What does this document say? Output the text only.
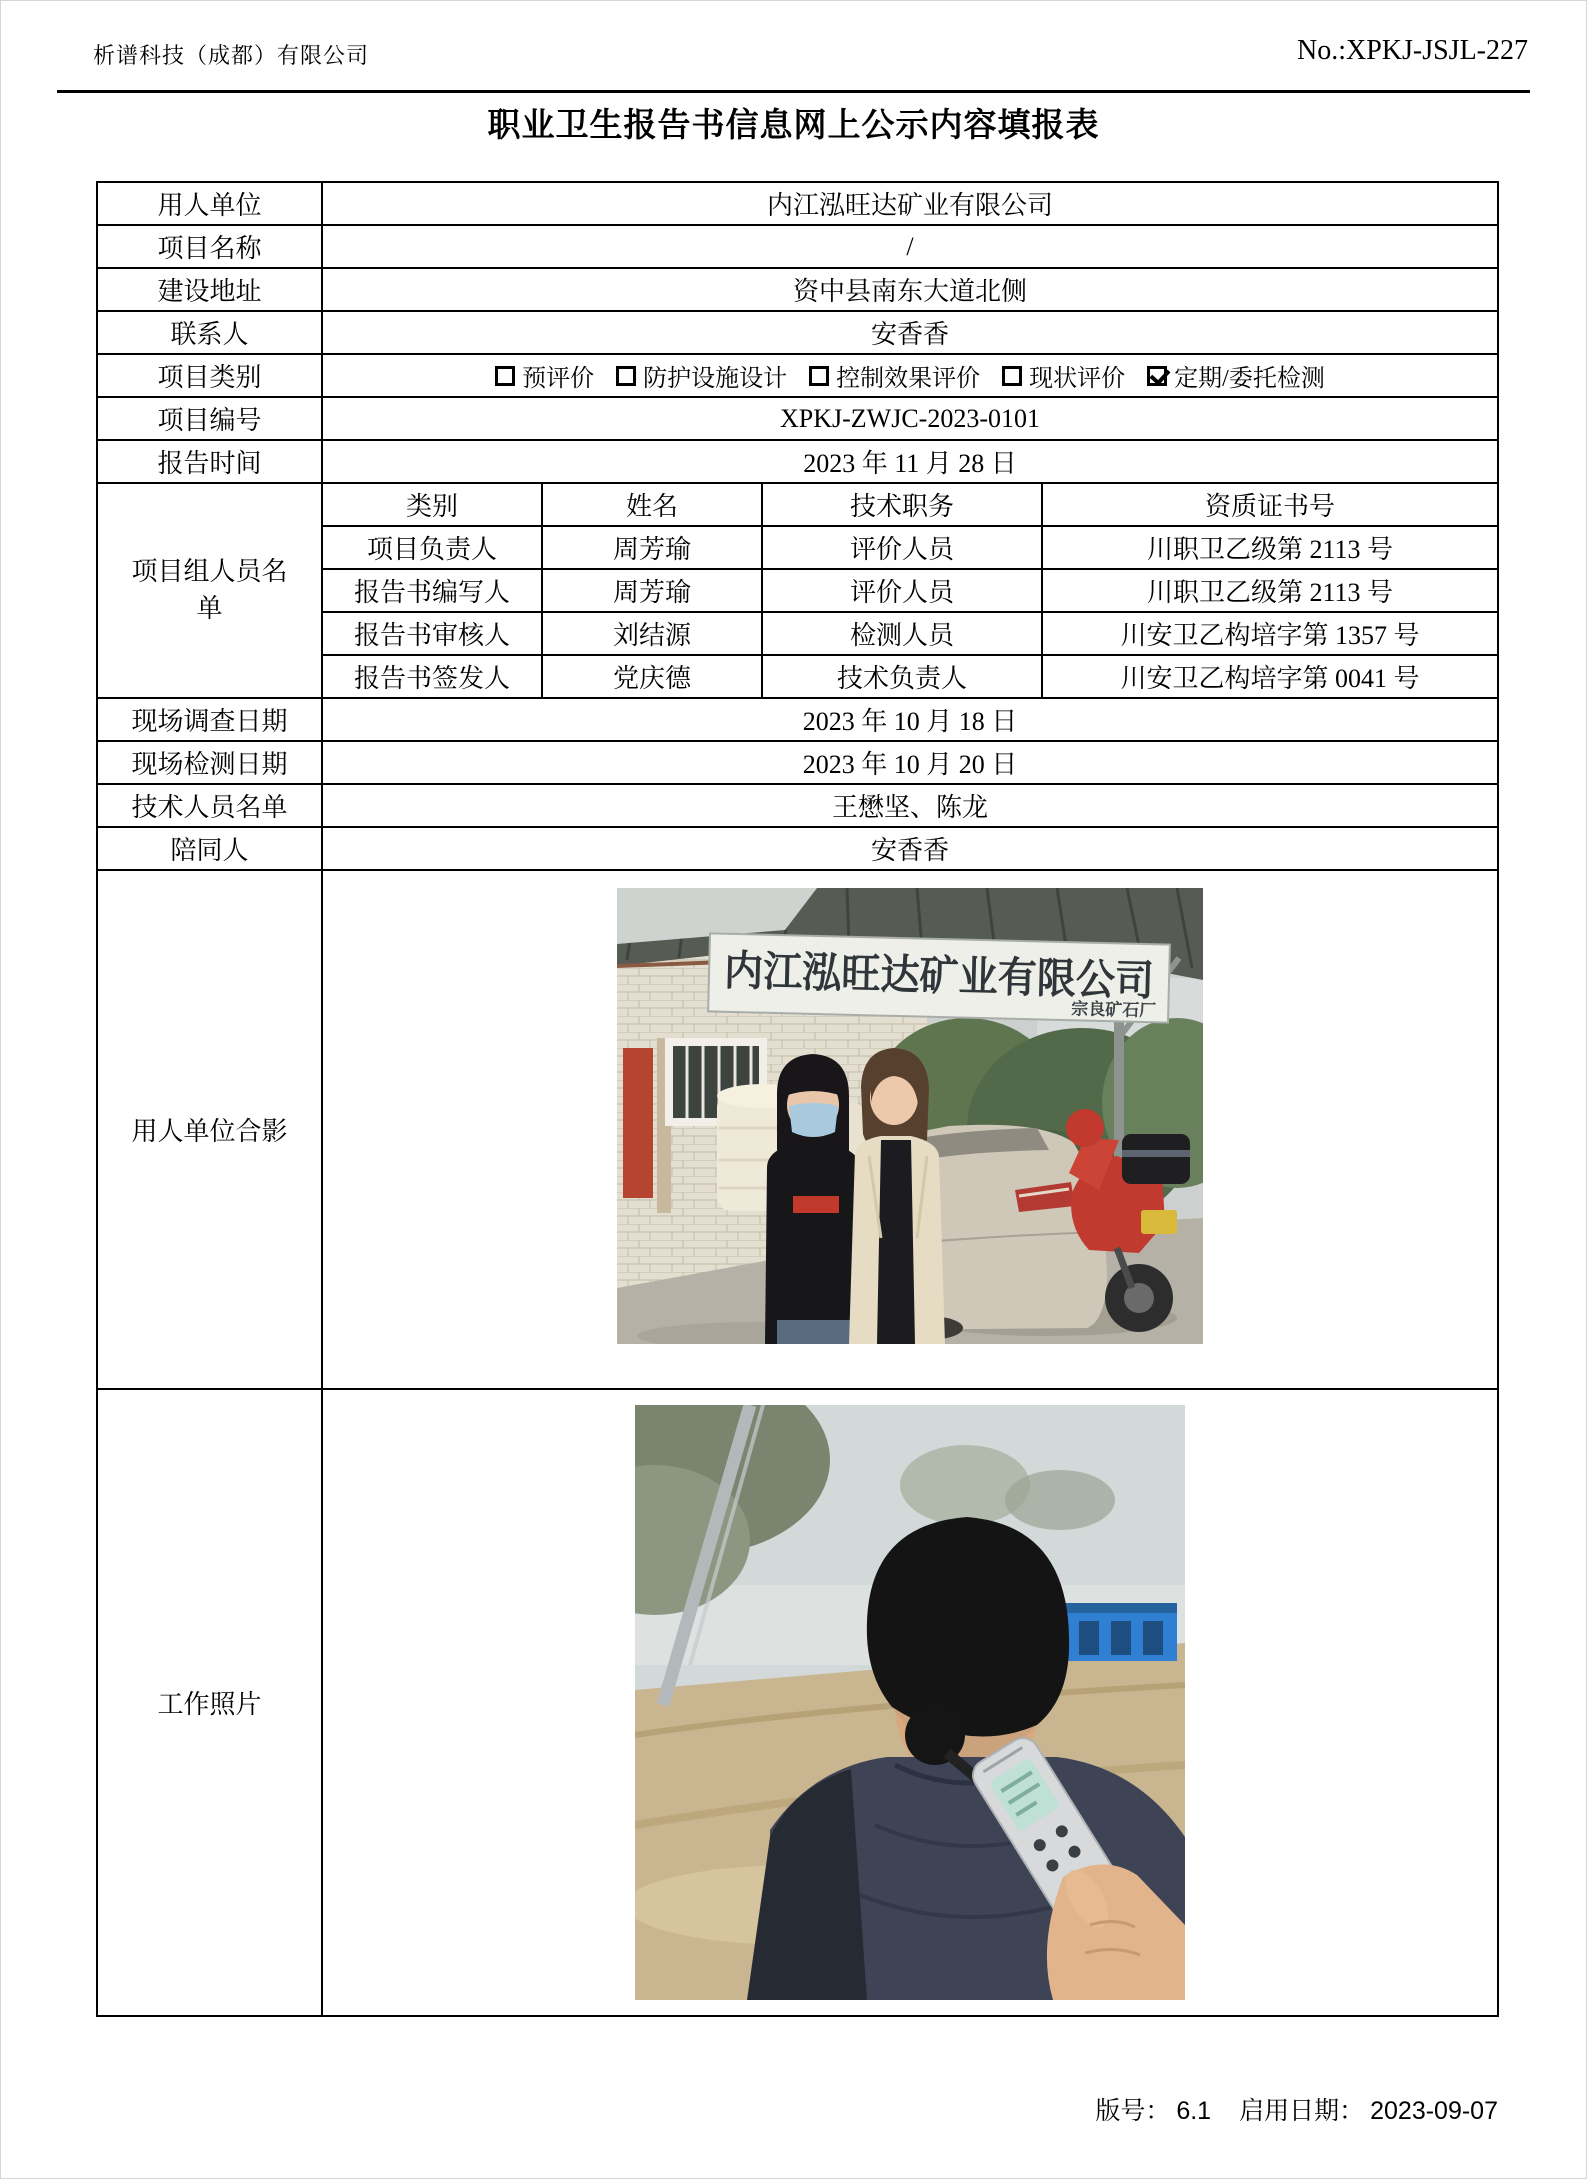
析谱科技（成都）有限公司	No.:XPKJ-JSJL-227
职业卫生报告书信息网上公示内容填报表
用人单位	内江泓旺达矿业有限公司			
项目名称	/			
建设地址	资中县南东大道北侧			
联系人	安香香			
项目类别	预评价 防护设施设计 控制效果评价 现状评价 定期/委托检测			

项目编号	XPKJ-ZWJC-2023-0101			
报告时间	2023 年 11 月 28 日			
项目组人员名单	类别	姓名	技术职务	资质证书号
	项目负责人	周芳瑜	评价人员	川职卫乙级第 2113 号
	报告书编写人	周芳瑜	评价人员	川职卫乙级第 2113 号
	报告书审核人	刘结源	检测人员	川安卫乙构培字第 1357 号
	报告书签发人	党庆德	技术负责人	川安卫乙构培字第 0041 号
现场调查日期	2023 年 10 月 18 日			
现场检测日期	2023 年 10 月 20 日			
技术人员名单	王懋坚、陈龙			
陪同人	安香香			
用人单位合影	内江泓旺达矿业有限公司
宗良矿石厂			

工作照片	
版号： 6.1 启用日期： 2023-09-07
